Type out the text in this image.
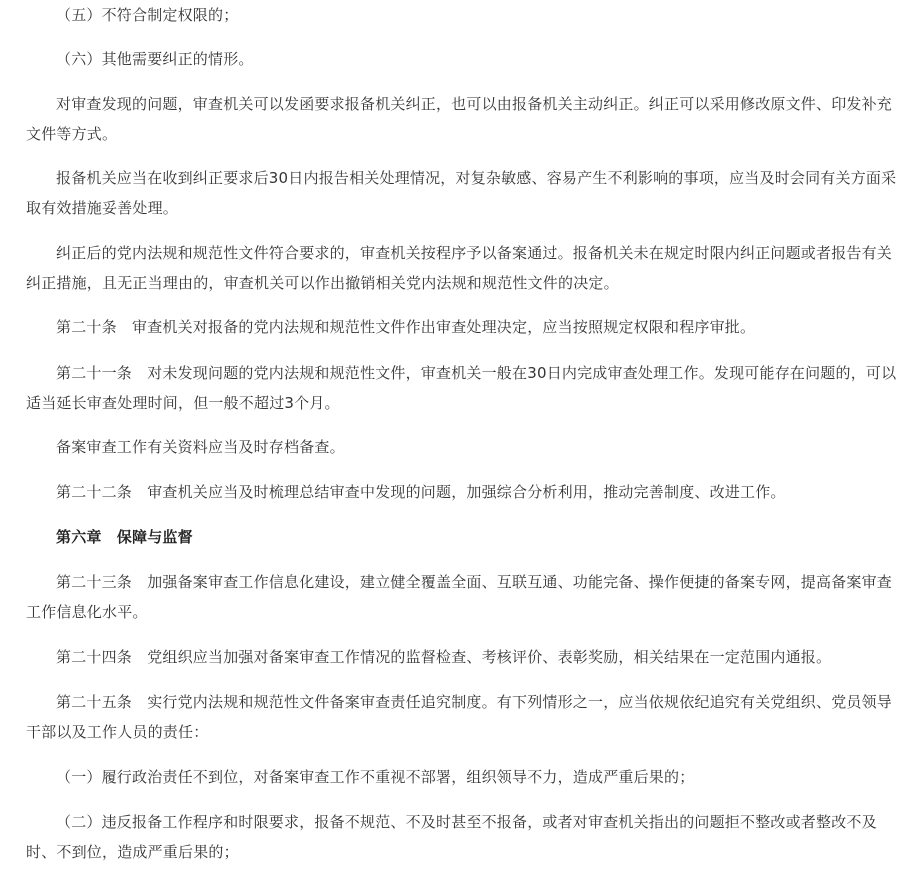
（五）不符合制定权限的；

（六）其他需要纠正的情形。

对审查发现的问题，审查机关可以发函要求报备机关纠正，也可以由报备机关主动纠正。纠正可以采用修改原文件、印发补充文件等方式。

报备机关应当在收到纠正要求后30日内报告相关处理情况，对复杂敏感、容易产生不利影响的事项，应当及时会同有关方面采取有效措施妥善处理。

纠正后的党内法规和规范性文件符合要求的，审查机关按程序予以备案通过。报备机关未在规定时限内纠正问题或者报告有关纠正措施，且无正当理由的，审查机关可以作出撤销相关党内法规和规范性文件的决定。

第二十条　审查机关对报备的党内法规和规范性文件作出审查处理决定，应当按照规定权限和程序审批。

第二十一条　对未发现问题的党内法规和规范性文件，审查机关一般在30日内完成审查处理工作。发现可能存在问题的，可以适当延长审查处理时间，但一般不超过3个月。

备案审查工作有关资料应当及时存档备查。

第二十二条　审查机关应当及时梳理总结审查中发现的问题，加强综合分析利用，推动完善制度、改进工作。

第六章　保障与监督

第二十三条　加强备案审查工作信息化建设，建立健全覆盖全面、互联互通、功能完备、操作便捷的备案专网，提高备案审查工作信息化水平。

第二十四条　党组织应当加强对备案审查工作情况的监督检查、考核评价、表彰奖励，相关结果在一定范围内通报。

第二十五条　实行党内法规和规范性文件备案审查责任追究制度。有下列情形之一，应当依规依纪追究有关党组织、党员领导干部以及工作人员的责任：

（一）履行政治责任不到位，对备案审查工作不重视不部署，组织领导不力，造成严重后果的；

（二）违反报备工作程序和时限要求，报备不规范、不及时甚至不报备，或者对审查机关指出的问题拒不整改或者整改不及时、不到位，造成严重后果的；
